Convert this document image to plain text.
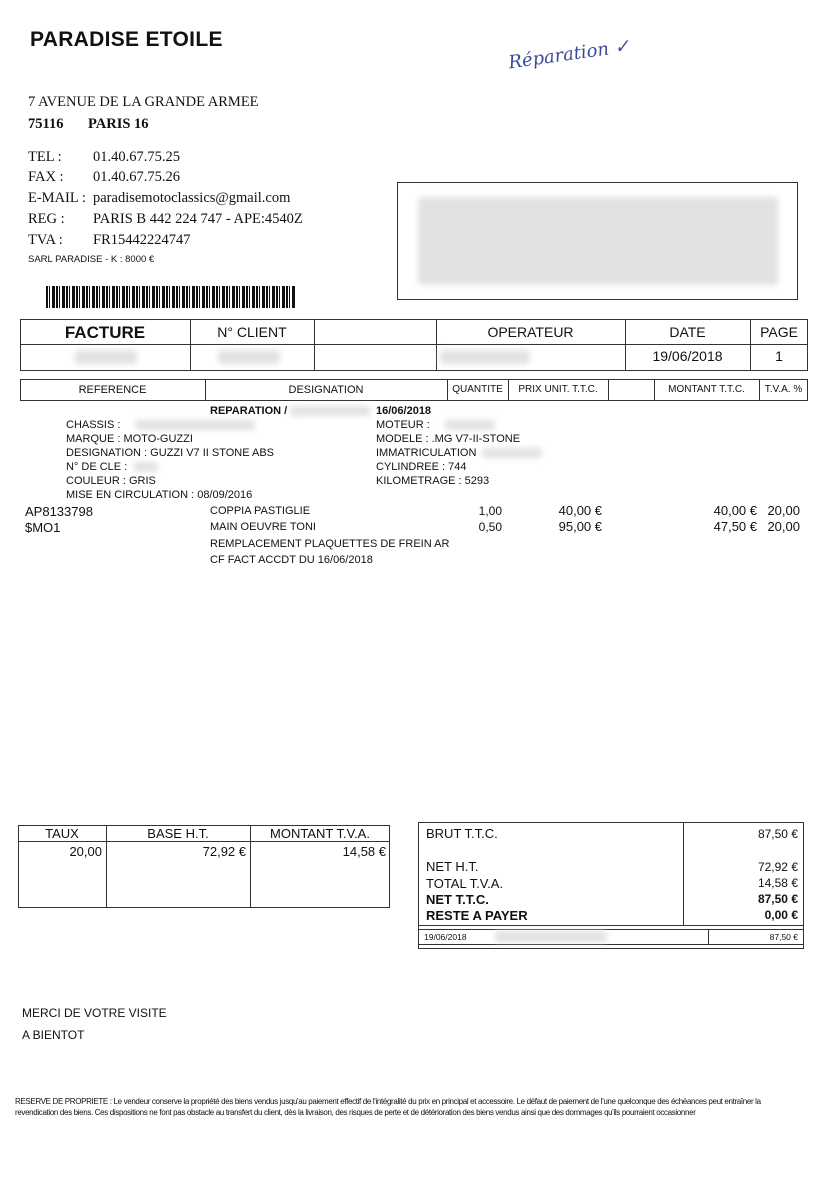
PARADISE ETOILE	Réparation ✓
7 AVENUE DE LA GRANDE ARMEE
75116 PARIS 16
TEL : 01.40.67.75.25
FAX : 01.40.67.75.26
E-MAIL : paradisemotoclassics@gmail.com
REG : PARIS B 442 224 747 - APE:4540Z
TVA : FR15442224747
SARL PARADISE - K : 8000 €
FACTURE	N° CLIENT	OPERATEUR	DATE	PAGE
19/06/2018	1
REFERENCE	DESIGNATION	QUANTITE	PRIX UNIT. T.T.C.	MONTANT T.T.C.	T.V.A. %
REPARATION /	16/06/2018
CHASSIS :
MARQUE : MOTO-GUZZI
DESIGNATION : GUZZI V7 II STONE ABS
N° DE CLE :
COULEUR : GRIS
MISE EN CIRCULATION : 08/09/2016
MOTEUR :
MODELE : .MG V7-II-STONE
IMMATRICULATION
CYLINDREE : 744
KILOMETRAGE : 5293
AP8133798	COPPIA PASTIGLIE	1,00	40,00 €	40,00 € 20,00
$MO1	MAIN OEUVRE TONI	0,50	95,00 €	47,50 € 20,00
REMPLACEMENT PLAQUETTES DE FREIN AR
CF FACT ACCDT DU 16/06/2018
TAUX	BASE H.T.	MONTANT T.V.A.
20,00	72,92 €	14,58 €
BRUT T.T.C.	87,50 €
NET H.T.	72,92 €
TOTAL T.V.A.	14,58 €
NET T.T.C.	87,50 €
RESTE A PAYER	0,00 €
19/06/2018	87,50 €
MERCI DE VOTRE VISITE
A BIENTOT
RESERVE DE PROPRIETE : Le vendeur conserve la propriété des biens vendus jusqu'au paiement effectif de l'intégralité du prix en principal et accessoire. Le défaut de paiement de l'une quelconque des échéances peut entraîner la
revendication des biens. Ces dispositions ne font pas obstacle au transfert du client, dès la livraison, des risques de perte et de détérioration des biens vendus ainsi que des dommages qu'ils pourraient occasionner
